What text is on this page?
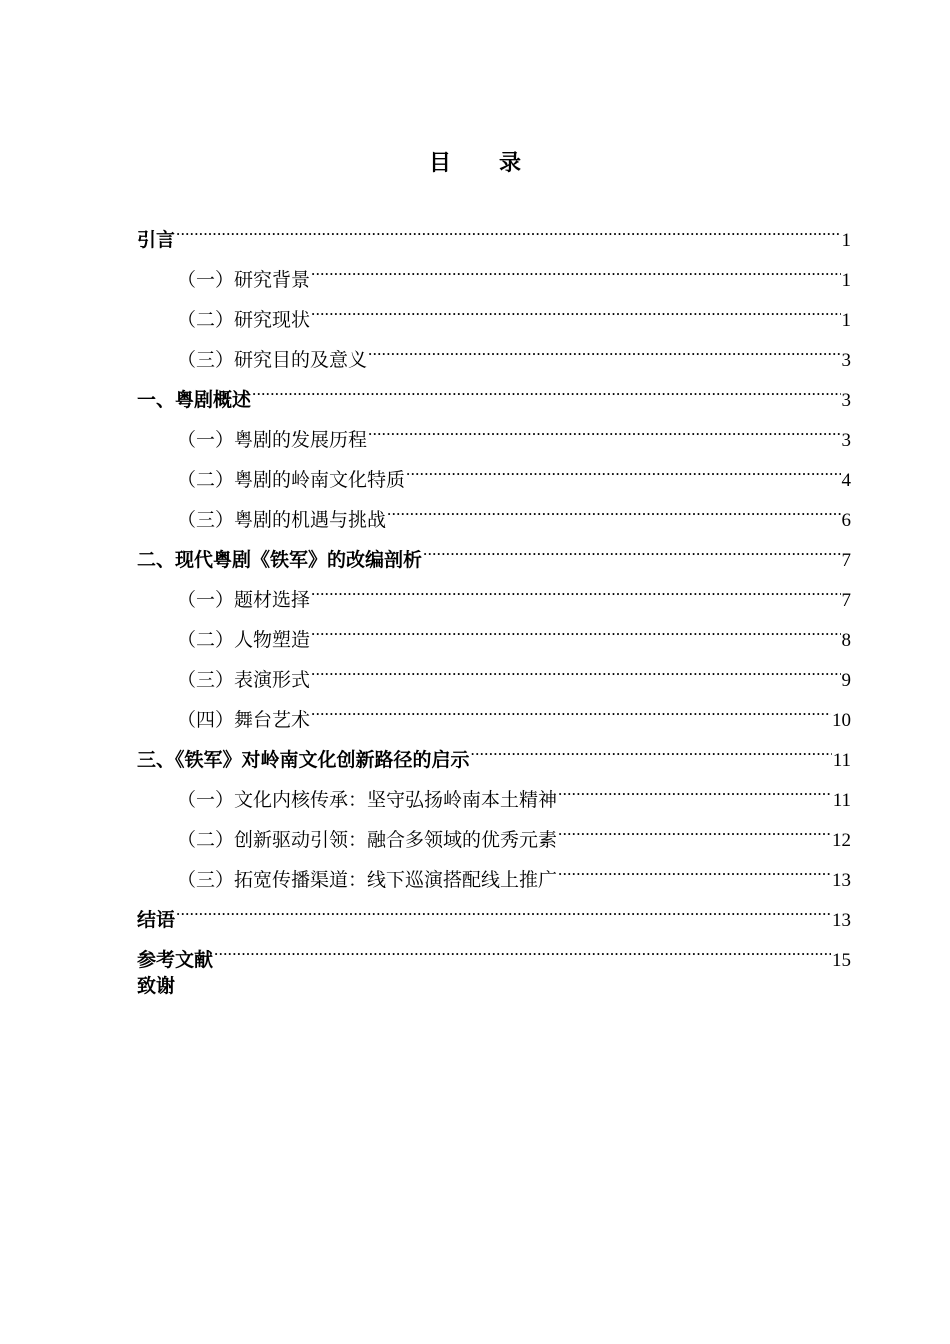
目 录
引言 .....	1
（一）研究背景 .....	1
（二）研究现状 .....	1
（三）研究目的及意义 .....	3
一、粤剧概述 .....	3
（一）粤剧的发展历程 .....	3
（二）粤剧的岭南文化特质 .....	4
（三）粤剧的机遇与挑战 .....	6
二、现代粤剧《铁军》的改编剖析 .....	7
（一）题材选择 .....	7
（二）人物塑造 .....	8
（三）表演形式 .....	9
（四）舞台艺术 .....	10
三、《铁军》对岭南文化创新路径的启示 .....	11
（一）文化内核传承：坚守弘扬岭南本土精神 .....	11
（二）创新驱动引领：融合多领域的优秀元素 .....	12
（三）拓宽传播渠道：线下巡演搭配线上推广 .....	13
结语 .....	13
参考文献 .....	15
致谢
